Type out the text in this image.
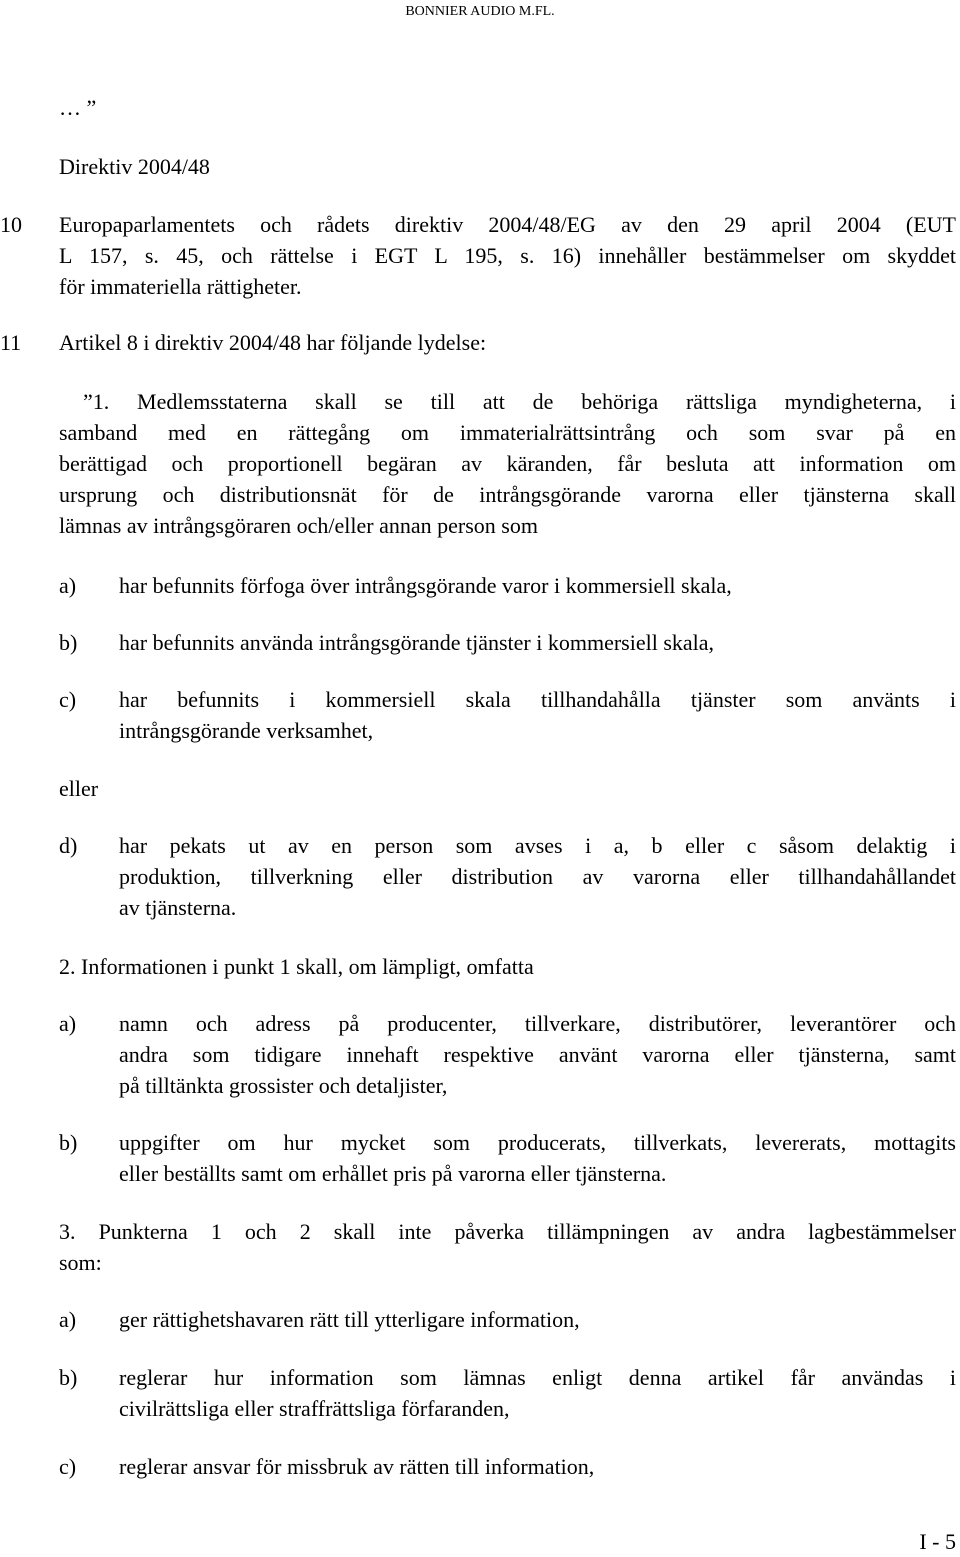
BONNIER AUDIO M.FL.
… ”
Direktiv 2004/48
10 Europaparlamentets och rådets direktiv 2004/48/EG av den 29 april 2004 (EUT
L 157, s. 45, och rättelse i EGT L 195, s. 16) innehåller bestämmelser om skyddet
för immateriella rättigheter.
11 Artikel 8 i direktiv 2004/48 har följande lydelse:
”1. Medlemsstaterna skall se till att de behöriga rättsliga myndigheterna, i
samband med en rättegång om immaterialrättsintrång och som svar på en
berättigad och proportionell begäran av käranden, får besluta att information om
ursprung och distributionsnät för de intrångsgörande varorna eller tjänsterna skall
lämnas av intrångsgöraren och/eller annan person som
a) har befunnits förfoga över intrångsgörande varor i kommersiell skala,
b) har befunnits använda intrångsgörande tjänster i kommersiell skala,
c) har befunnits i kommersiell skala tillhandahålla tjänster som använts i
intrångsgörande verksamhet,
eller
d) har pekats ut av en person som avses i a, b eller c såsom delaktig i
produktion, tillverkning eller distribution av varorna eller tillhandahållandet
av tjänsterna.
2. Informationen i punkt 1 skall, om lämpligt, omfatta
a) namn och adress på producenter, tillverkare, distributörer, leverantörer och
andra som tidigare innehaft respektive använt varorna eller tjänsterna, samt
på tilltänkta grossister och detaljister,
b) uppgifter om hur mycket som producerats, tillverkats, levererats, mottagits
eller beställts samt om erhållet pris på varorna eller tjänsterna.
3. Punkterna 1 och 2 skall inte påverka tillämpningen av andra lagbestämmelser
som:
a) ger rättighetshavaren rätt till ytterligare information,
b) reglerar hur information som lämnas enligt denna artikel får användas i
civilrättsliga eller straffrättsliga förfaranden,
c) reglerar ansvar för missbruk av rätten till information,
I - 5
